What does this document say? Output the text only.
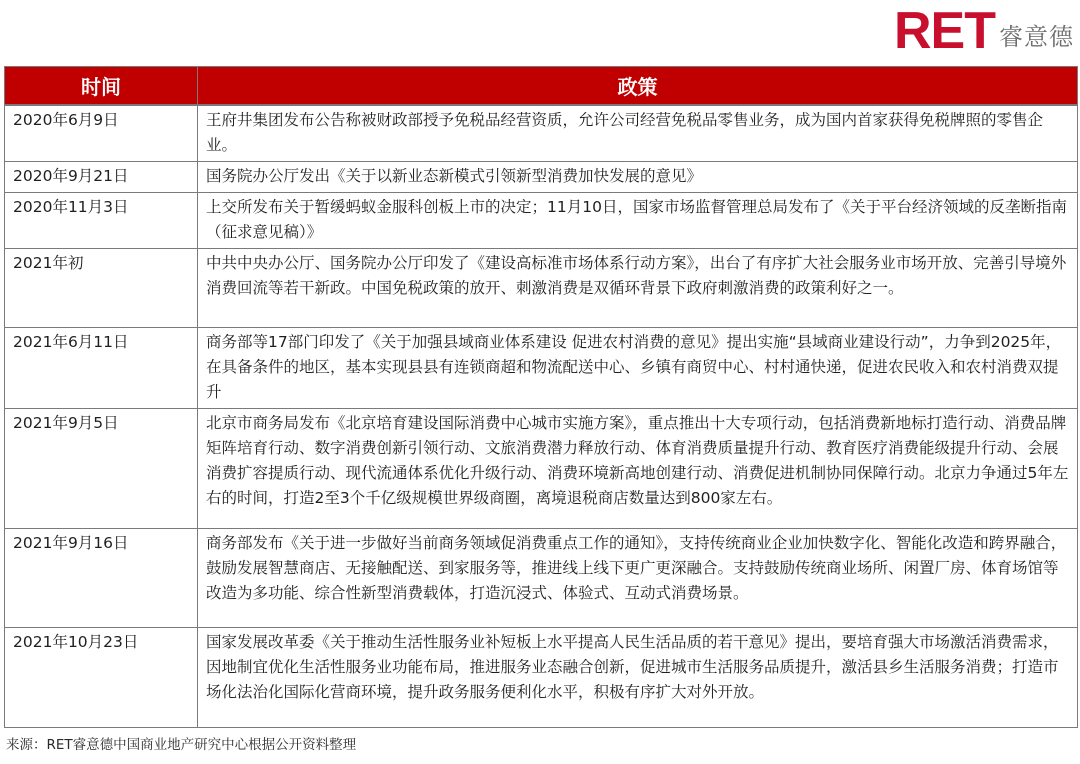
RET 睿意德
时间	政策
2020年6月9日	王府井集团发布公告称被财政部授予免税品经营资质，允许公司经营免税品零售业务，成为国内首家获得免税牌照的零售企业。
2020年9月21日	国务院办公厅发出《关于以新业态新模式引领新型消费加快发展的意见》
2020年11月3日	上交所发布关于暂缓蚂蚁金服科创板上市的决定；11月10日，国家市场监督管理总局发布了《关于平台经济领域的反垄断指南（征求意见稿）》
2021年初	中共中央办公厅、国务院办公厅印发了《建设高标准市场体系行动方案》，出台了有序扩大社会服务业市场开放、完善引导境外消费回流等若干新政。中国免税政策的放开、刺激消费是双循环背景下政府刺激消费的政策利好之一。
2021年6月11日	商务部等17部门印发了《关于加强县域商业体系建设 促进农村消费的意见》提出实施“县域商业建设行动”，力争到2025年，在具备条件的地区，基本实现县县有连锁商超和物流配送中心、乡镇有商贸中心、村村通快递，促进农民收入和农村消费双提升
2021年9月5日	北京市商务局发布《北京培育建设国际消费中心城市实施方案》，重点推出十大专项行动，包括消费新地标打造行动、消费品牌矩阵培育行动、数字消费创新引领行动、文旅消费潜力释放行动、体育消费质量提升行动、教育医疗消费能级提升行动、会展消费扩容提质行动、现代流通体系优化升级行动、消费环境新高地创建行动、消费促进机制协同保障行动。北京力争通过5年左右的时间，打造2至3个千亿级规模世界级商圈，离境退税商店数量达到800家左右。
2021年9月16日	商务部发布《关于进一步做好当前商务领域促消费重点工作的通知》，支持传统商业企业加快数字化、智能化改造和跨界融合，鼓励发展智慧商店、无接触配送、到家服务等，推进线上线下更广更深融合。支持鼓励传统商业场所、闲置厂房、体育场馆等改造为多功能、综合性新型消费载体，打造沉浸式、体验式、互动式消费场景。
2021年10月23日	国家发展改革委《关于推动生活性服务业补短板上水平提高人民生活品质的若干意见》提出，要培育强大市场激活消费需求，因地制宜优化生活性服务业功能布局，推进服务业态融合创新，促进城市生活服务品质提升，激活县乡生活服务消费；打造市场化法治化国际化营商环境，提升政务服务便利化水平，积极有序扩大对外开放。
来源：RET睿意德中国商业地产研究中心根据公开资料整理
